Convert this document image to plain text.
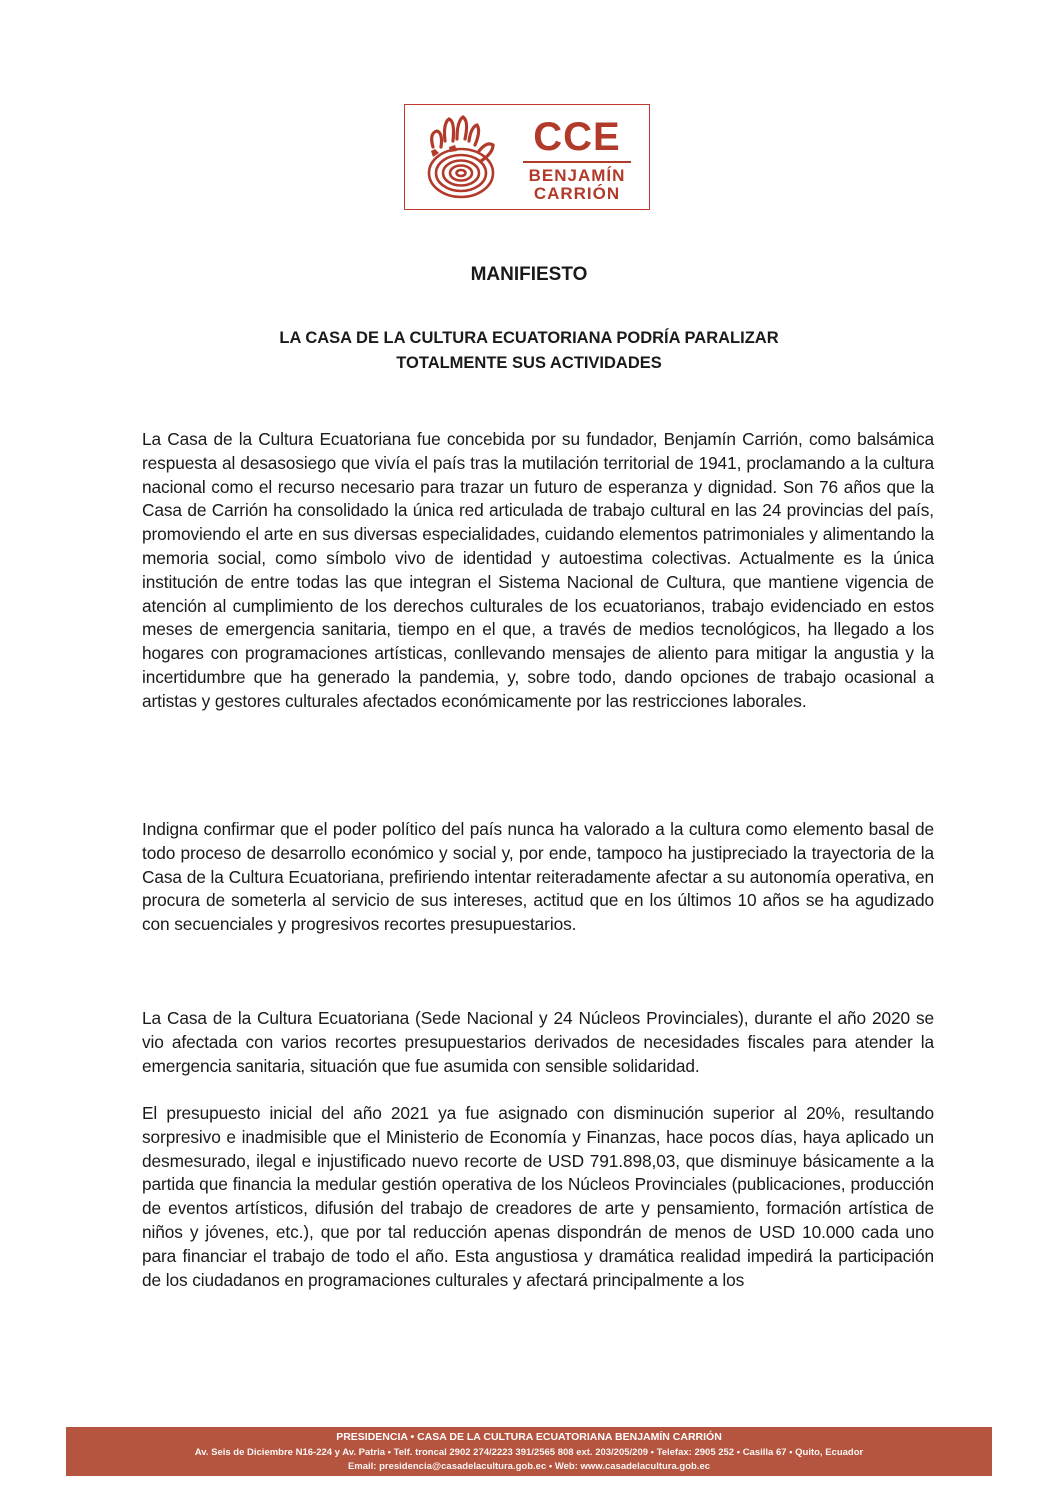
CCE
BENJAMÍN
CARRIÓN
MANIFIESTO
LA CASA DE LA CULTURA ECUATORIANA PODRÍA PARALIZAR
TOTALMENTE SUS ACTIVIDADES

La Casa de la Cultura Ecuatoriana fue concebida por su fundador, Benjamín Carrión, como balsámica respuesta al desasosiego que vivía el país tras la mutilación territorial de 1941, proclamando a la cultura nacional como el recurso necesario para trazar un futuro de esperanza y dignidad. Son 76 años que la Casa de Carrión ha consolidado la única red articulada de trabajo cultural en las 24 provincias del país, promoviendo el arte en sus diversas especialidades, cuidando elementos patrimoniales y alimentando la memoria social, como símbolo vivo de identidad y autoestima colectivas. Actualmente es la única institución de entre todas las que integran el Sistema Nacional de Cultura, que mantiene vigencia de atención al cumplimiento de los derechos culturales de los ecuatorianos, trabajo evidenciado en estos meses de emergencia sanitaria, tiempo en el que, a través de medios tecnológicos, ha llegado a los hogares con programaciones artísticas, conllevando mensajes de aliento para mitigar la angustia y la incertidumbre que ha generado la pandemia, y, sobre todo, dando opciones de trabajo ocasional a artistas y gestores culturales afectados económicamente por las restricciones laborales.

Indigna confirmar que el poder político del país nunca ha valorado a la cultura como elemento basal de todo proceso de desarrollo económico y social y, por ende, tampoco ha justipreciado la trayectoria de la Casa de la Cultura Ecuatoriana, prefiriendo intentar reiteradamente afectar a su autonomía operativa, en procura de someterla al servicio de sus intereses, actitud que en los últimos 10 años se ha agudizado con secuenciales y progresivos recortes presupuestarios.

La Casa de la Cultura Ecuatoriana (Sede Nacional y 24 Núcleos Provinciales), durante el año 2020 se vio afectada con varios recortes presupuestarios derivados de necesidades fiscales para atender la emergencia sanitaria, situación que fue asumida con sensible solidaridad.

El presupuesto inicial del año 2021 ya fue asignado con disminución superior al 20%, resultando sorpresivo e inadmisible que el Ministerio de Economía y Finanzas, hace pocos días, haya aplicado un desmesurado, ilegal e injustificado nuevo recorte de USD 791.898,03, que disminuye básicamente a la partida que financia la medular gestión operativa de los Núcleos Provinciales (publicaciones, producción de eventos artísticos, difusión del trabajo de creadores de arte y pensamiento, formación artística de niños y jóvenes, etc.), que por tal reducción apenas dispondrán de menos de USD 10.000 cada uno para financiar el trabajo de todo el año. Esta angustiosa y dramática realidad impedirá la participación de los ciudadanos en programaciones culturales y afectará principalmente a los

PRESIDENCIA • CASA DE LA CULTURA ECUATORIANA BENJAMÍN CARRIÓN
Av. Seis de Diciembre N16-224 y Av. Patria • Telf. troncal 2902 274/2223 391/2565 808 ext. 203/205/209 • Telefax: 2905 252 • Casilla 67 • Quito, Ecuador
Email: presidencia@casadelacultura.gob.ec • Web: www.casadelacultura.gob.ec
